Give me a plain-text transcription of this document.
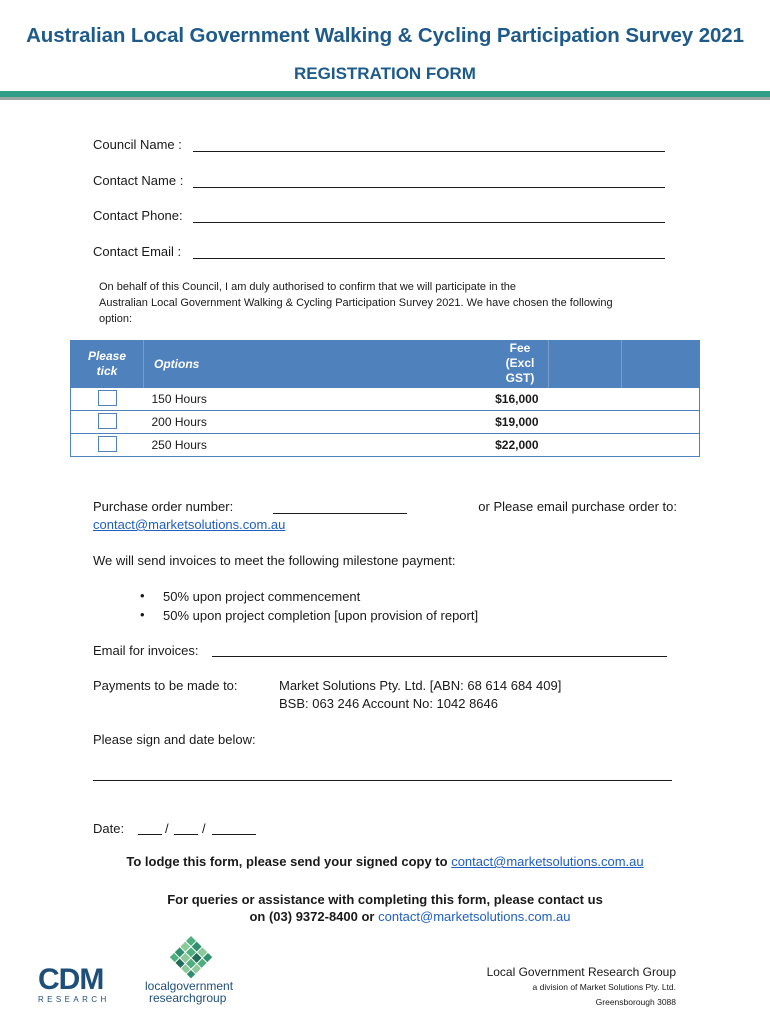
Australian Local Government Walking & Cycling Participation Survey 2021
REGISTRATION FORM
Council Name :
Contact Name :
Contact Phone:
Contact Email :
On behalf of this Council, I am duly authorised to confirm that we will participate in the
Australian Local Government Walking & Cycling Participation Survey 2021. We have chosen the following
option:
Please tick	Options	Fee (Excl GST)		

	150 Hours	$16,000		
	200 Hours	$19,000		
	250 Hours	$22,000		
Purchase order number:	or Please email purchase order to:
contact@marketsolutions.com.au
We will send invoices to meet the following milestone payment:
• 50% upon project commencement
• 50% upon project completion [upon provision of report]
Email for invoices:
Payments to be made to:	Market Solutions Pty. Ltd. [ABN: 68 614 684 409]
BSB: 063 246 Account No: 1042 8646
Please sign and date below:
Date:	/	/
To lodge this form, please send your signed copy to contact@marketsolutions.com.au
For queries or assistance with completing this form, please contact us
on (03) 9372-8400 or contact@marketsolutions.com.au
CDM
RESEARCH
localgovernment
researchgroup
Local Government Research Group
a division of Market Solutions Pty. Ltd.
Greensborough 3088
